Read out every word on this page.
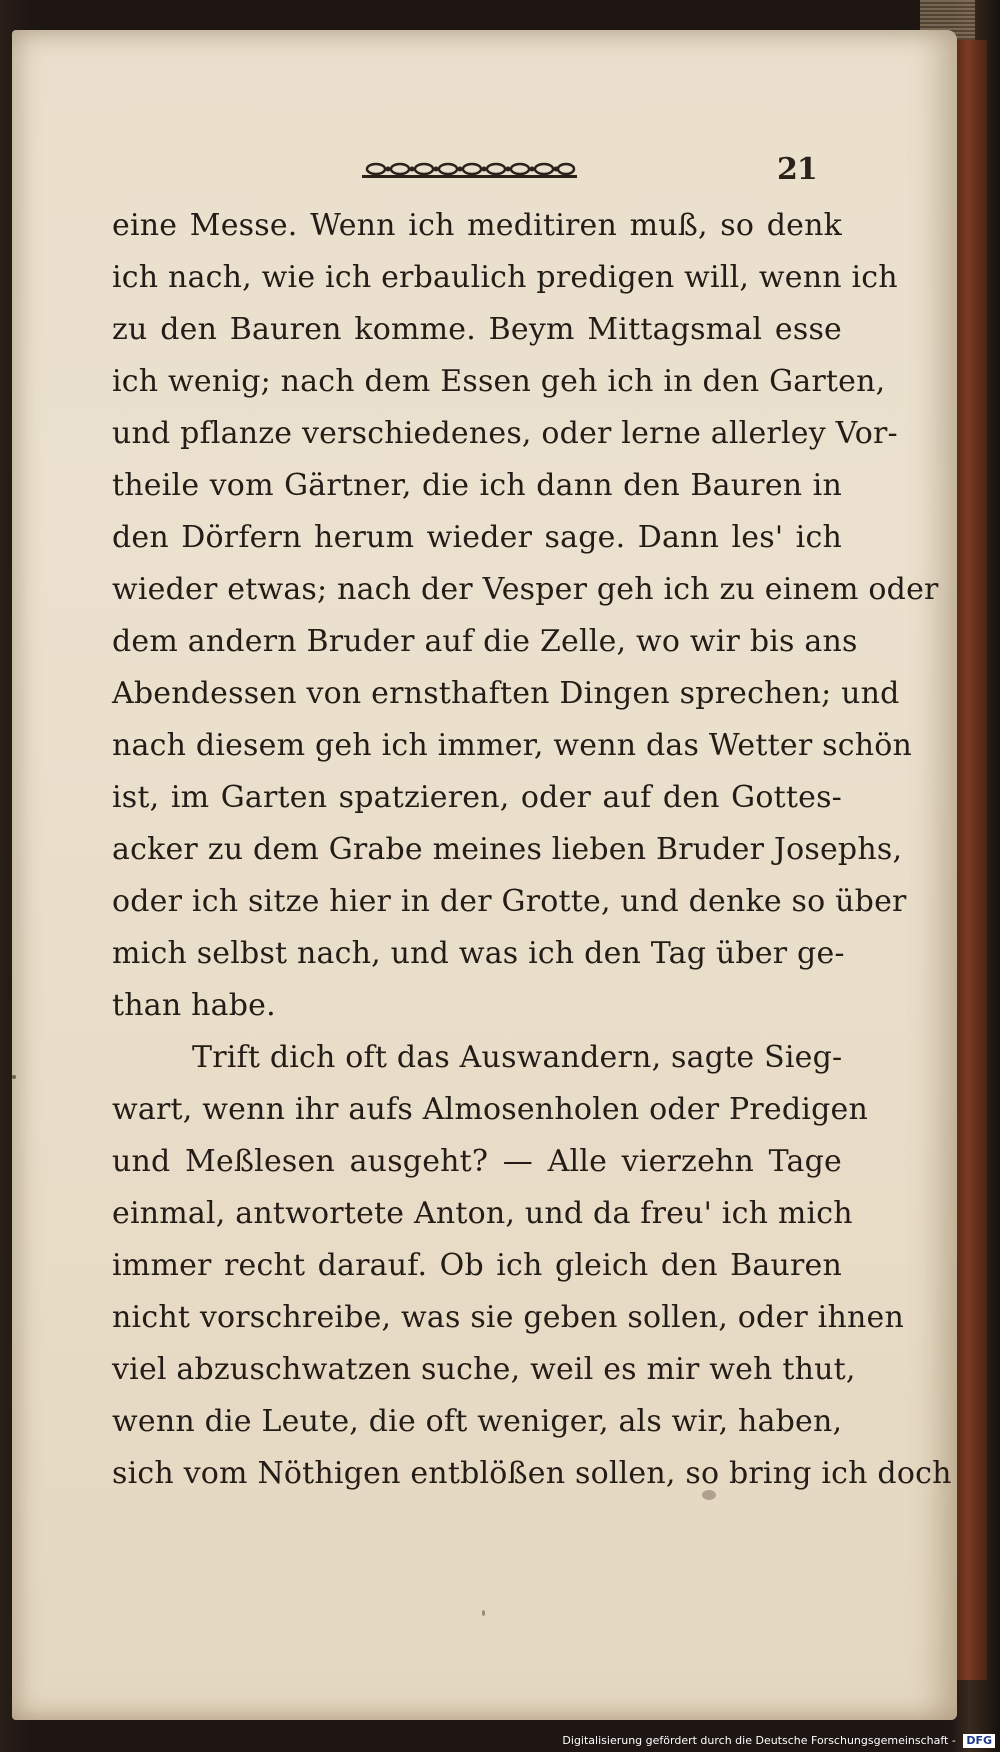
21
eine Messe. Wenn ich meditiren muß, so denk
ich nach, wie ich erbaulich predigen will, wenn ich
zu den Bauren komme. Beym Mittagsmal esse
ich wenig; nach dem Essen geh ich in den Garten,
und pflanze verschiedenes, oder lerne allerley Vor-
theile vom Gärtner, die ich dann den Bauren in
den Dörfern herum wieder sage. Dann les' ich
wieder etwas; nach der Vesper geh ich zu einem oder
dem andern Bruder auf die Zelle, wo wir bis ans
Abendessen von ernsthaften Dingen sprechen; und
nach diesem geh ich immer, wenn das Wetter schön
ist, im Garten spatzieren, oder auf den Gottes-
acker zu dem Grabe meines lieben Bruder Josephs,
oder ich sitze hier in der Grotte, und denke so über
mich selbst nach, und was ich den Tag über ge-
than habe.
Trift dich oft das Auswandern, sagte Sieg-
wart, wenn ihr aufs Almosenholen oder Predigen
und Meßlesen ausgeht? — Alle vierzehn Tage
einmal, antwortete Anton, und da freu' ich mich
immer recht darauf. Ob ich gleich den Bauren
nicht vorschreibe, was sie geben sollen, oder ihnen
viel abzuschwatzen suche, weil es mir weh thut,
wenn die Leute, die oft weniger, als wir, haben,
sich vom Nöthigen entblößen sollen, so bring ich doch
Digitalisierung gefördert durch die Deutsche Forschungsgemeinschaft - DFG
